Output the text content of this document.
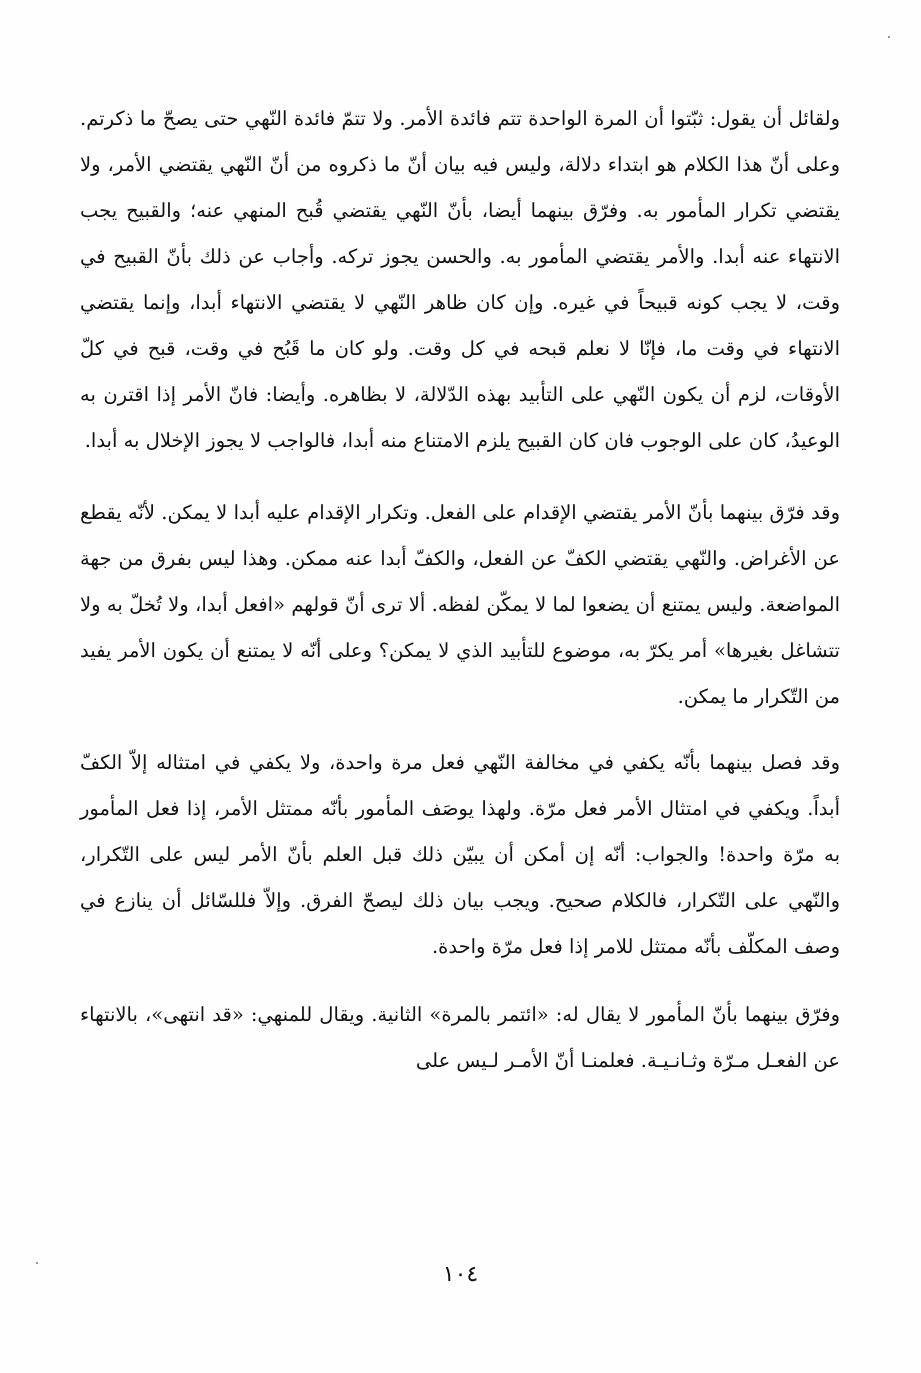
ولقائل أن يقول: ثبّتوا أن المرة الواحدة تتم فائدة الأمر. ولا تتمّ فائدة النّهي حتى يصحّ ما ذكرتم. وعلى أنّ هذا الكلام هو ابتداء دلالة، وليس فيه بيان أنّ ما ذكروه من أنّ النّهي يقتضي الأمر، ولا يقتضي تكرار المأمور به. وفرّق بينهما أيضا، بأنّ النّهي يقتضي قُبح المنهي عنه؛ والقبيح يجب الانتهاء عنه أبدا. والأمر يقتضي المأمور به. والحسن يجوز تركه. وأجاب عن ذلك بأنّ القبيح في وقت، لا يجب كونه قبيحاً في غيره. وإن كان ظاهر النّهي لا يقتضي الانتهاء أبدا، وإنما يقتضي الانتهاء في وقت ما، فإنّا لا نعلم قبحه في كل وقت. ولو كان ما قَبُح في وقت، قبح في كلّ الأوقات، لزم أن يكون النّهي على التأبيد بهذه الدّلالة، لا بظاهره. وأيضا: فانّ الأمر إذا اقترن به الوعيدُ، كان على الوجوب فان كان القبيح يلزم الامتناع منه أبدا، فالواجب لا يجوز الإخلال به أبدا.

وقد فرّق بينهما بأنّ الأمر يقتضي الإقدام على الفعل. وتكرار الإقدام عليه أبدا لا يمكن. لأنّه يقطع عن الأغراض. والنّهي يقتضي الكفّ عن الفعل، والكفّ أبدا عنه ممكن. وهذا ليس بفرق من جهة المواضعة. وليس يمتنع أن يضعوا لما لا يمكّن لفظه. ألا ترى أنّ قولهم «افعل أبدا، ولا تُخلّ به ولا تتشاغل بغيرها» أمر يكرّ به، موضوع للتأبيد الذي لا يمكن؟ وعلى أنّه لا يمتنع أن يكون الأمر يفيد من التّكرار ما يمكن.

وقد فصل بينهما بأنّه يكفي في مخالفة النّهي فعل مرة واحدة، ولا يكفي في امتثاله إلاّ الكفّ أبداً. ويكفي في امتثال الأمر فعل مرّة. ولهذا يوصَف المأمور بأنّه ممتثل الأمر، إذا فعل المأمور به مرّة واحدة! والجواب: أنّه إن أمكن أن يبيّن ذلك قبل العلم بأنّ الأمر ليس على التّكرار، والنّهي على التّكرار، فالكلام صحيح. ويجب بيان ذلك ليصحّ الفرق. وإلاّ فللسّائل أن ينازع في وصف المكلّف بأنّه ممتثل للامر إذا فعل مرّة واحدة.

وفرّق بينهما بأنّ المأمور لا يقال له: «ائتمر بالمرة» الثانية. ويقال للمنهي: «قد انتهى»، بالانتهاء عن الفعـل مـرّة وثـانـيـة. فعلمنـا أنّ الأمـر لـيس على

١٠٤
